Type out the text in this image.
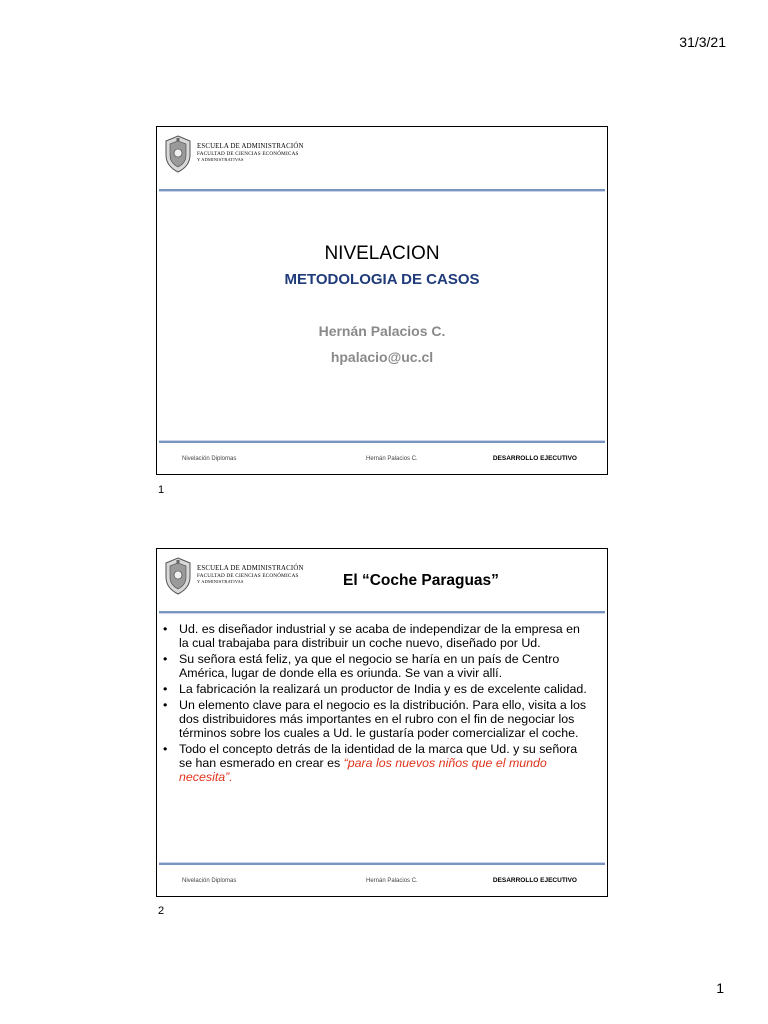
31/3/21
ESCUELA DE ADMINISTRACIÓN
FACULTAD DE CIENCIAS ECONÓMICAS
Y ADMINISTRATIVAS
NIVELACION
METODOLOGIA DE CASOS
Hernán Palacios C.
hpalacio@uc.cl
Nivelación Diplomas	Hernán Palacios C.	DESARROLLO EJECUTIVO
1
ESCUELA DE ADMINISTRACIÓN
FACULTAD DE CIENCIAS ECONÓMICAS
Y ADMINISTRATIVAS	El “Coche Paraguas”
• Ud. es diseñador industrial y se acaba de independizar de la empresa en la cual trabajaba para distribuir un coche nuevo, diseñado por Ud.
• Su señora está feliz, ya que el negocio se haría en un país de Centro América, lugar de donde ella es oriunda. Se van a vivir allí.
• La fabricación la realizará un productor de India y es de excelente calidad.
• Un elemento clave para el negocio es la distribución. Para ello, visita a los dos distribuidores más importantes en el rubro con el fin de negociar los términos sobre los cuales a Ud. le gustaría poder comercializar el coche.
• Todo el concepto detrás de la identidad de la marca que Ud. y su señora se han esmerado en crear es “para los nuevos niños que el mundo necesita”.
Nivelación Diplomas	Hernán Palacios C.	DESARROLLO EJECUTIVO
2
1
